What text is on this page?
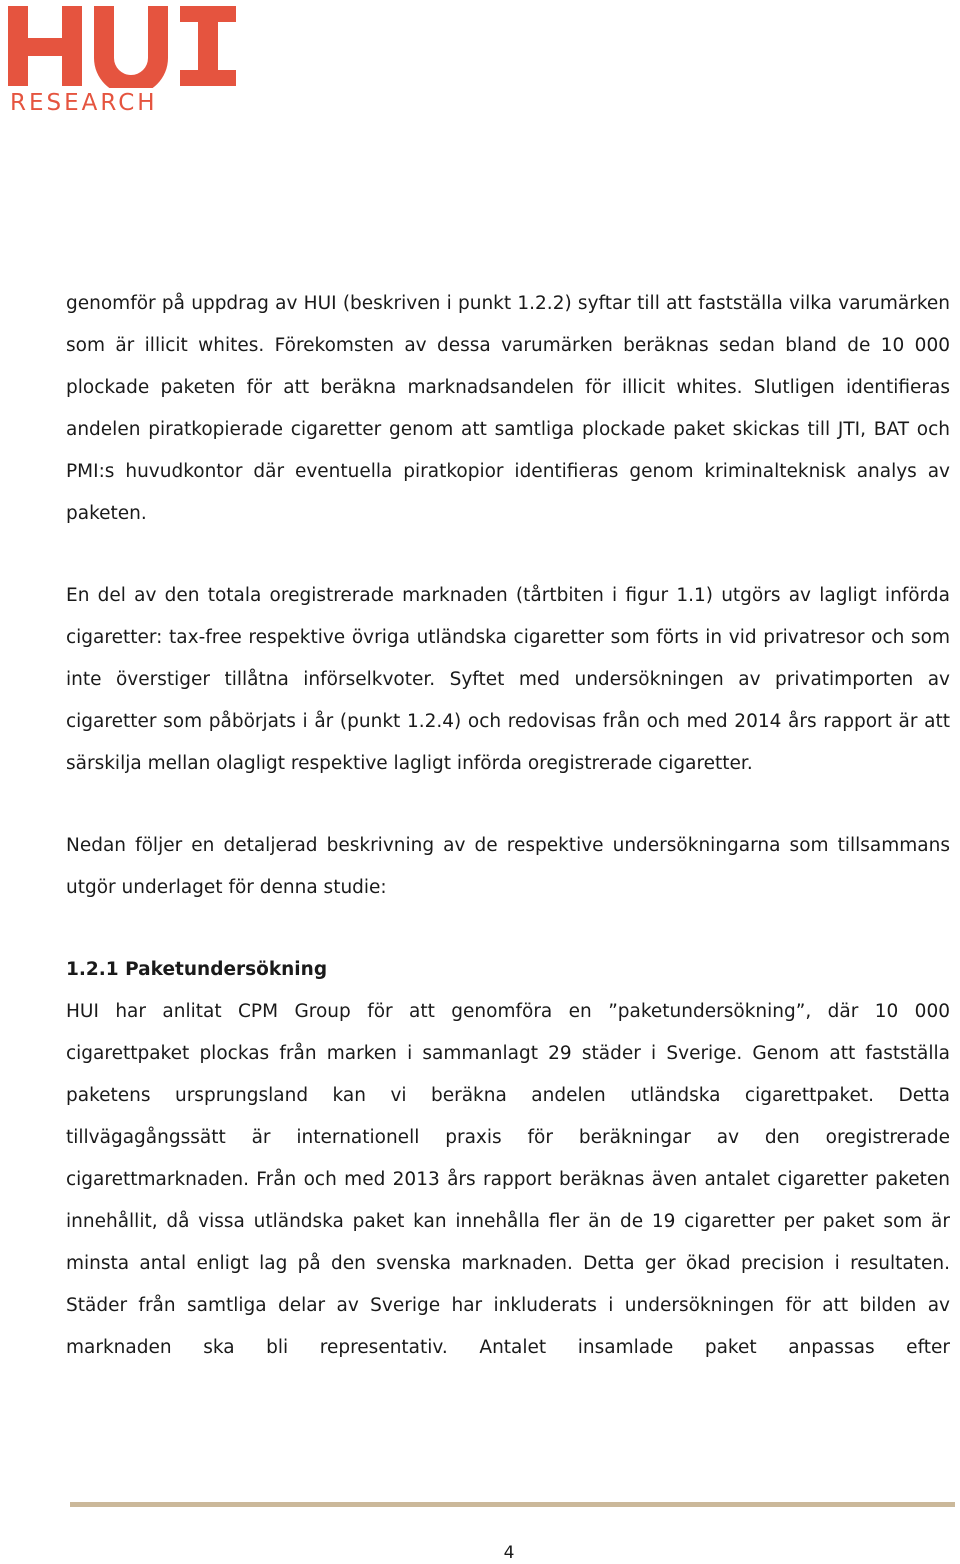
RESEARCH

genomför på uppdrag av HUI (beskriven i punkt 1.2.2) syftar till att fastställa vilka varumärken som är illicit whites. Förekomsten av dessa varumärken beräknas sedan bland de 10 000 plockade paketen för att beräkna marknadsandelen för illicit whites. Slutligen identifieras andelen piratkopierade cigaretter genom att samtliga plockade paket skickas till JTI, BAT och PMI:s huvudkontor där eventuella piratkopior identifieras genom kriminalteknisk analys av paketen.

En del av den totala oregistrerade marknaden (tårtbiten i figur 1.1) utgörs av lagligt införda cigaretter: tax-free respektive övriga utländska cigaretter som förts in vid privatresor och som inte överstiger tillåtna införselkvoter. Syftet med undersökningen av privatimporten av cigaretter som påbörjats i år (punkt 1.2.4) och redovisas från och med 2014 års rapport är att särskilja mellan olagligt respektive lagligt införda oregistrerade cigaretter.

Nedan följer en detaljerad beskrivning av de respektive undersökningarna som tillsammans utgör underlaget för denna studie:

1.2.1 Paketundersökning

HUI har anlitat CPM Group för att genomföra en ”paketundersökning”, där 10 000 cigarettpaket plockas från marken i sammanlagt 29 städer i Sverige. Genom att fastställa paketens ursprungsland kan vi beräkna andelen utländska cigarettpaket. Detta tillvägagångssätt är internationell praxis för beräkningar av den oregistrerade cigarettmarknaden. Från och med 2013 års rapport beräknas även antalet cigaretter paketen innehållit, då vissa utländska paket kan innehålla fler än de 19 cigaretter per paket som är minsta antal enligt lag på den svenska marknaden. Detta ger ökad precision i resultaten. Städer från samtliga delar av Sverige har inkluderats i undersökningen för att bilden av marknaden ska bli representativ. Antalet insamlade paket anpassas efter

4
